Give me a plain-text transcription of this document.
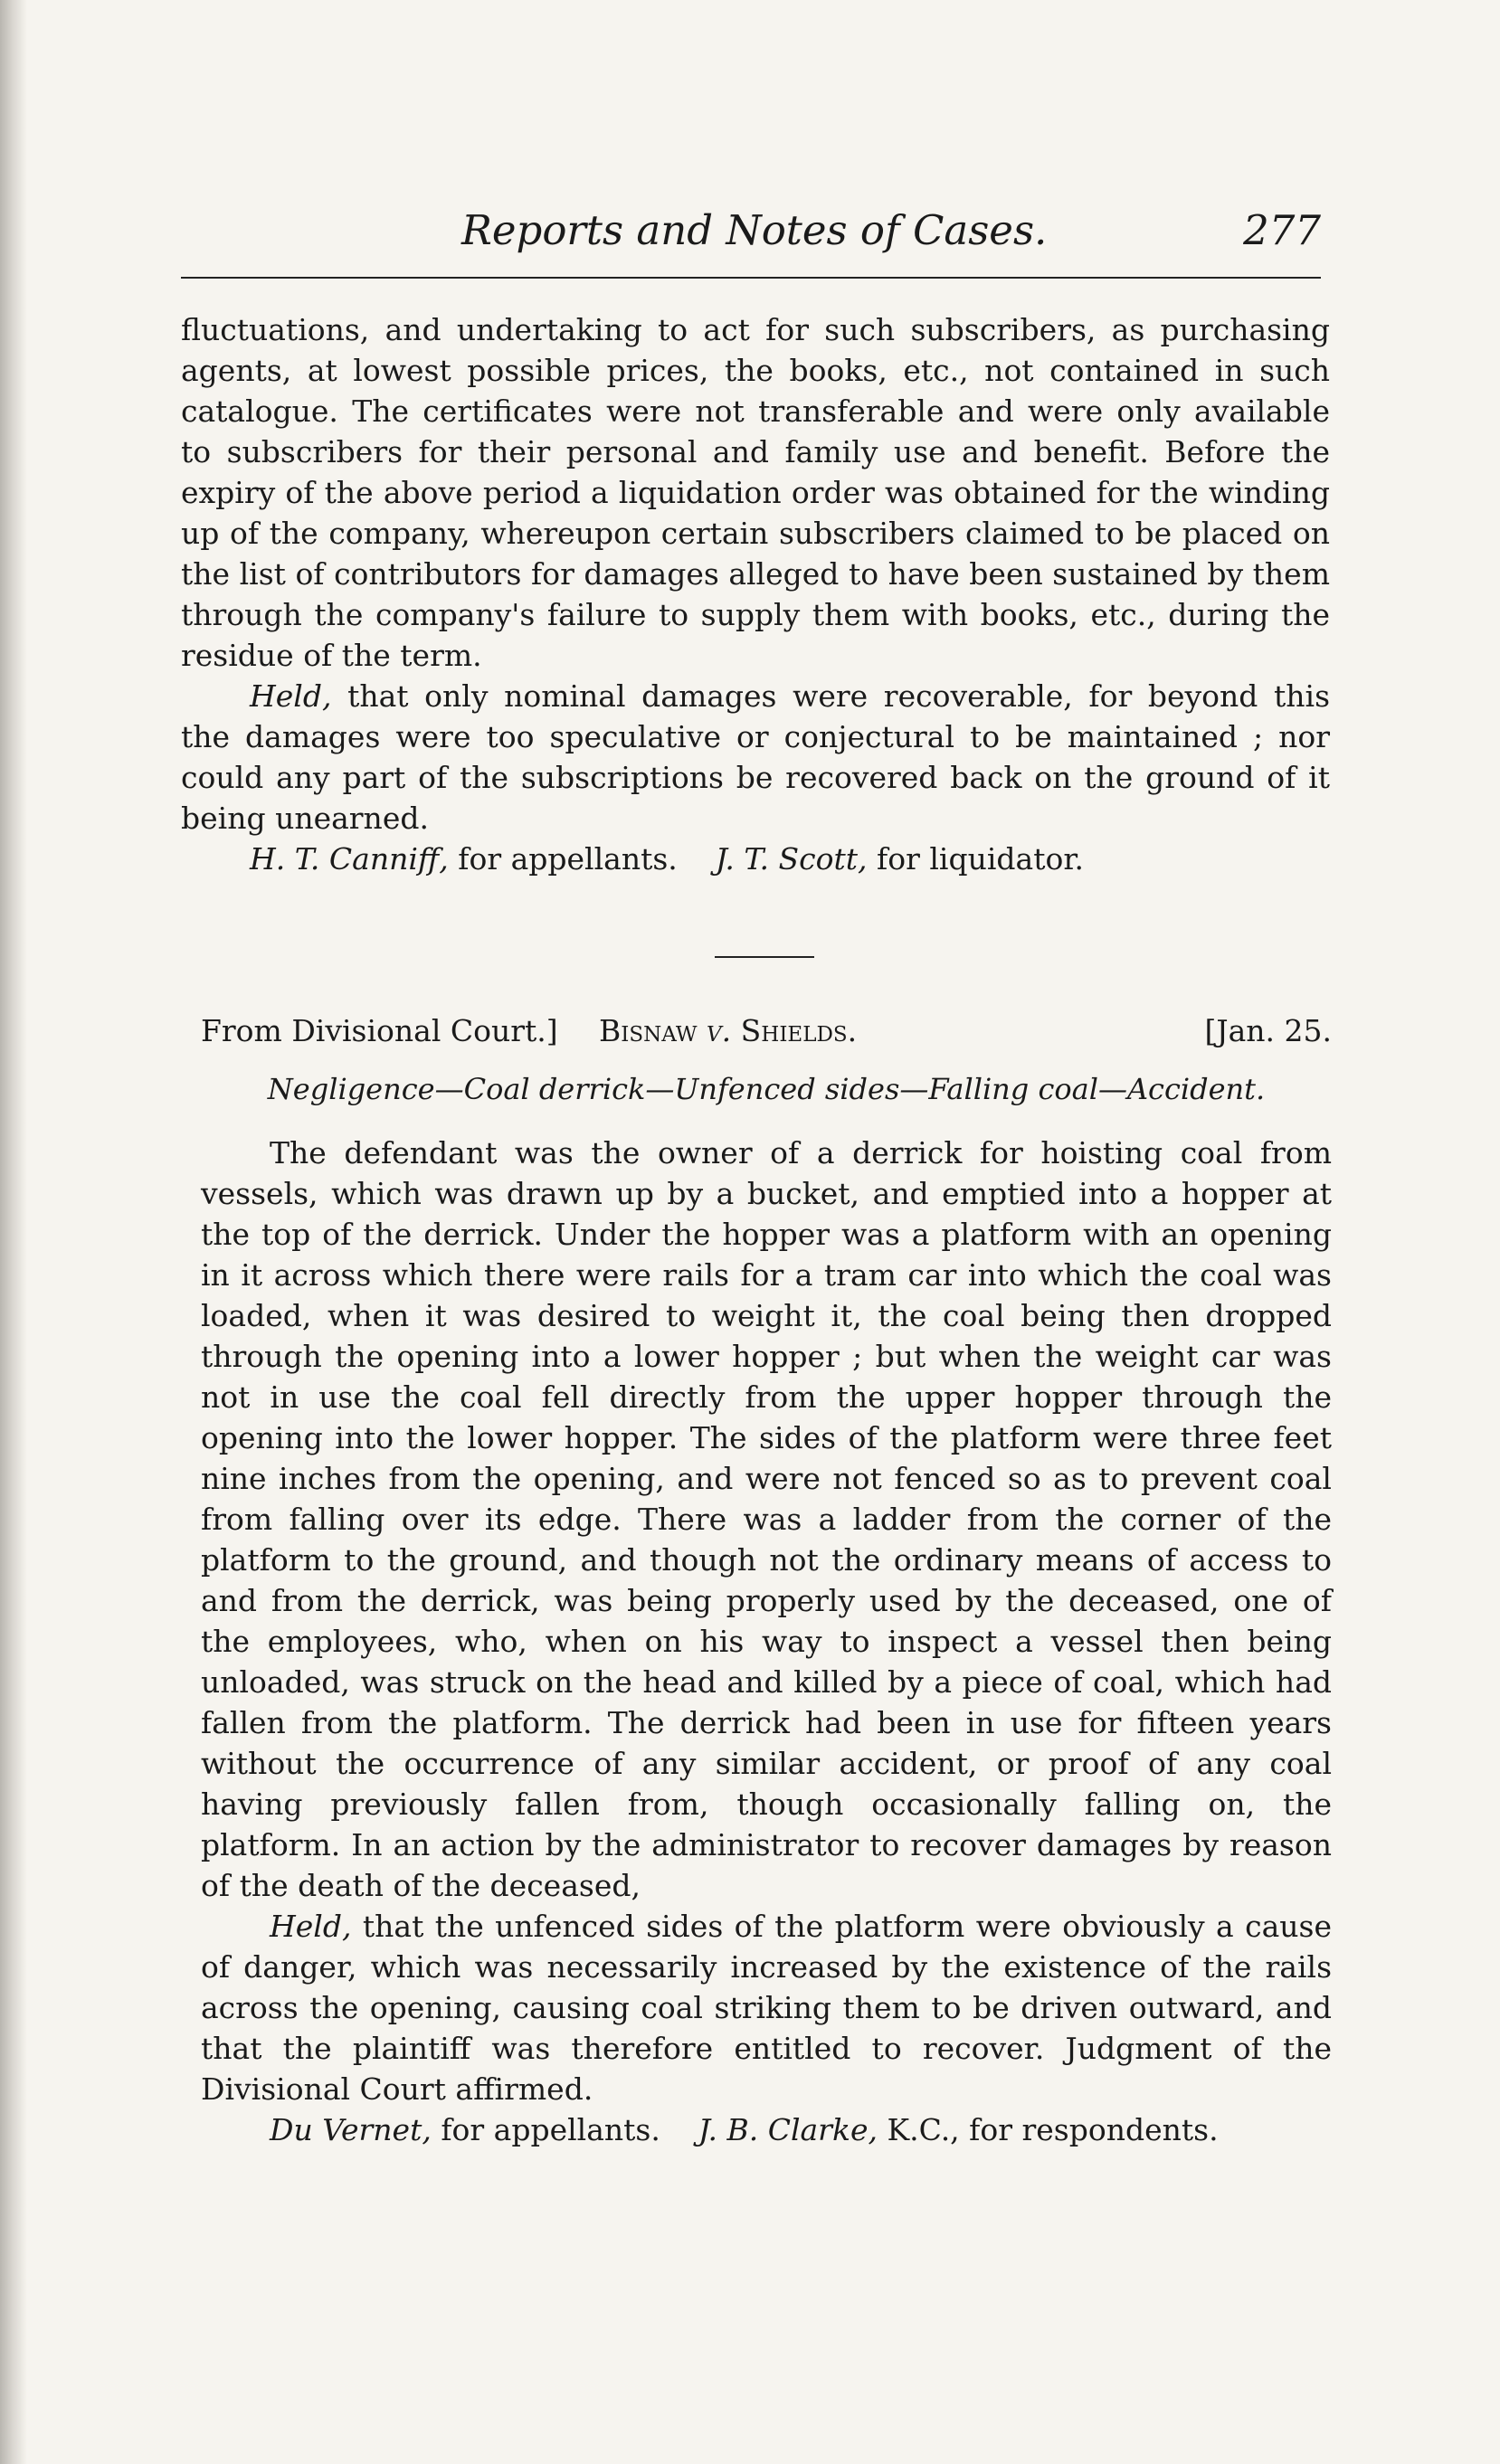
Reports and Notes of Cases.	277

fluctuations, and undertaking to act for such subscribers, as purchasing agents, at lowest possible prices, the books, etc., not contained in such catalogue. The certificates were not transferable and were only available to subscribers for their personal and family use and benefit. Before the expiry of the above period a liquidation order was obtained for the winding up of the company, whereupon certain subscribers claimed to be placed on the list of contributors for damages alleged to have been sustained by them through the company's failure to supply them with books, etc., during the residue of the term.

Held, that only nominal damages were recoverable, for beyond this the damages were too speculative or conjectural to be maintained ; nor could any part of the subscriptions be recovered back on the ground of it being unearned.

H. T. Canniff, for appellants. J. T. Scott, for liquidator.

From Divisional Court.] Bisnaw v. Shields.	[Jan. 25.
Negligence—Coal derrick—Unfenced sides—Falling coal—Accident.

The defendant was the owner of a derrick for hoisting coal from vessels, which was drawn up by a bucket, and emptied into a hopper at the top of the derrick. Under the hopper was a platform with an opening in it across which there were rails for a tram car into which the coal was loaded, when it was desired to weight it, the coal being then dropped through the opening into a lower hopper ; but when the weight car was not in use the coal fell directly from the upper hopper through the opening into the lower hopper. The sides of the platform were three feet nine inches from the opening, and were not fenced so as to prevent coal from falling over its edge. There was a ladder from the corner of the platform to the ground, and though not the ordinary means of access to and from the derrick, was being properly used by the deceased, one of the employees, who, when on his way to inspect a vessel then being unloaded, was struck on the head and killed by a piece of coal, which had fallen from the platform. The derrick had been in use for fifteen years without the occurrence of any similar accident, or proof of any coal having previously fallen from, though occasionally falling on, the platform. In an action by the administrator to recover damages by reason of the death of the deceased,

Held, that the unfenced sides of the platform were obviously a cause of danger, which was necessarily increased by the existence of the rails across the opening, causing coal striking them to be driven outward, and that the plaintiff was therefore entitled to recover. Judgment of the Divisional Court affirmed.

Du Vernet, for appellants. J. B. Clarke, K.C., for respondents.
